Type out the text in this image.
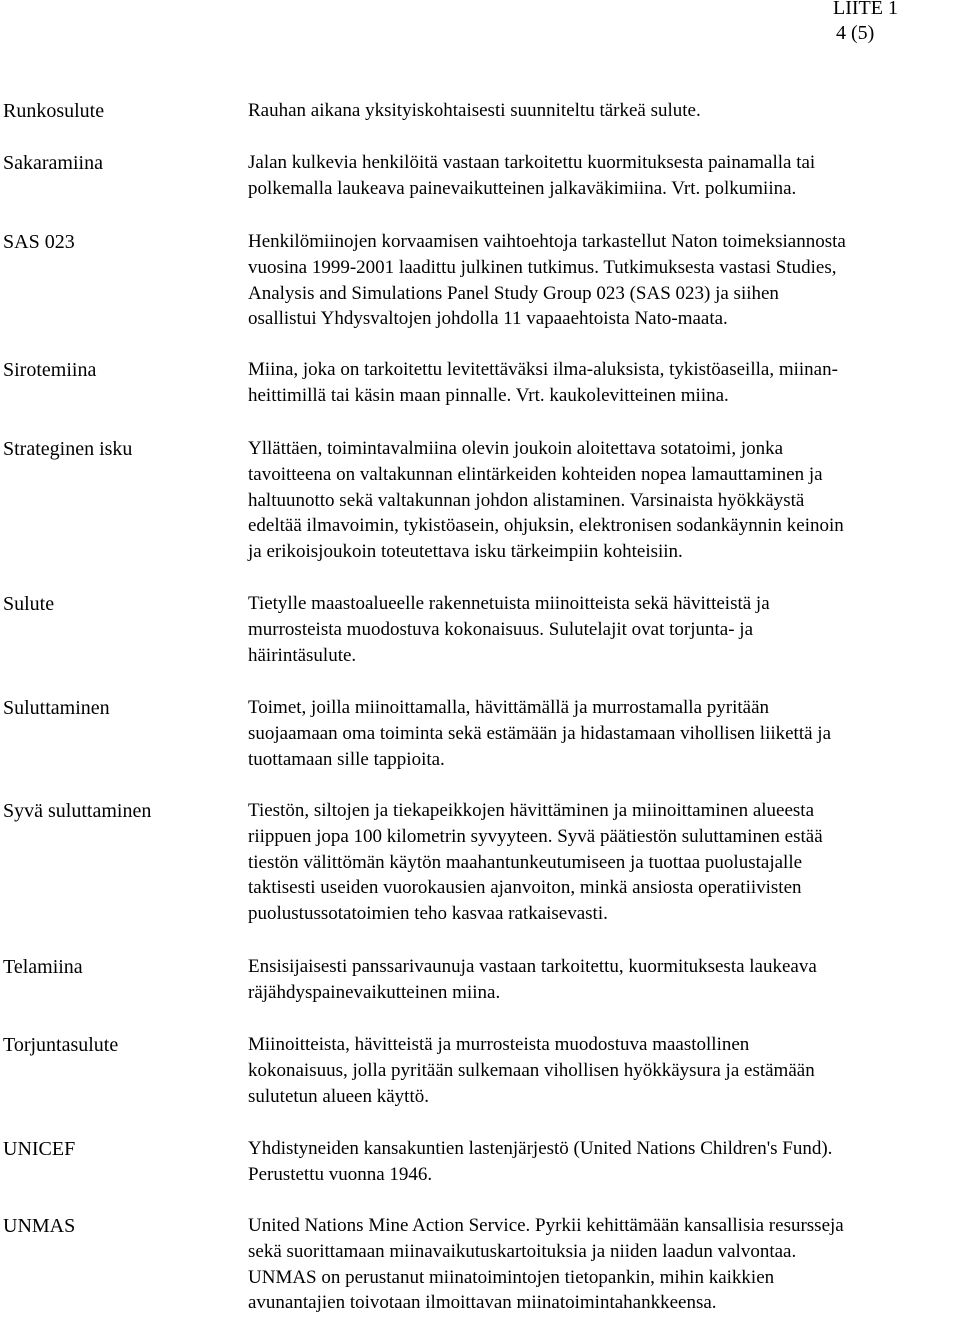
LIITE 1
4 (5)
Runkosulute	Rauhan aikana yksityiskohtaisesti suunniteltu tärkeä sulute.
Sakaramiina	Jalan kulkevia henkilöitä vastaan tarkoitettu kuormituksesta painamalla tai
polkemalla laukeava painevaikutteinen jalkaväkimiina. Vrt. polkumiina.
SAS 023	Henkilömiinojen korvaamisen vaihtoehtoja tarkastellut Naton toimeksiannosta
vuosina 1999-2001 laadittu julkinen tutkimus. Tutkimuksesta vastasi Studies,
Analysis and Simulations Panel Study Group 023 (SAS 023) ja siihen
osallistui Yhdysvaltojen johdolla 11 vapaaehtoista Nato-maata.
Sirotemiina	Miina, joka on tarkoitettu levitettäväksi ilma-aluksista, tykistöaseilla, miinan-
heittimillä tai käsin maan pinnalle. Vrt. kaukolevitteinen miina.
Strateginen isku	Yllättäen, toimintavalmiina olevin joukoin aloitettava sotatoimi, jonka
tavoitteena on valtakunnan elintärkeiden kohteiden nopea lamauttaminen ja
haltuunotto sekä valtakunnan johdon alistaminen. Varsinaista hyökkäystä
edeltää ilmavoimin, tykistöasein, ohjuksin, elektronisen sodankäynnin keinoin
ja erikoisjoukoin toteutettava isku tärkeimpiin kohteisiin.
Sulute	Tietylle maastoalueelle rakennetuista miinoitteista sekä hävitteistä ja
murrosteista muodostuva kokonaisuus. Sulutelajit ovat torjunta- ja
häirintäsulute.
Suluttaminen	Toimet, joilla miinoittamalla, hävittämällä ja murrostamalla pyritään
suojaamaan oma toiminta sekä estämään ja hidastamaan vihollisen liikettä ja
tuottamaan sille tappioita.
Syvä suluttaminen	Tiestön, siltojen ja tiekapeikkojen hävittäminen ja miinoittaminen alueesta
riippuen jopa 100 kilometrin syvyyteen. Syvä päätiestön suluttaminen estää
tiestön välittömän käytön maahantunkeutumiseen ja tuottaa puolustajalle
taktisesti useiden vuorokausien ajanvoiton, minkä ansiosta operatiivisten
puolustussotatoimien teho kasvaa ratkaisevasti.
Telamiina	Ensisijaisesti panssarivaunuja vastaan tarkoitettu, kuormituksesta laukeava
räjähdyspainevaikutteinen miina.
Torjuntasulute	Miinoitteista, hävitteistä ja murrosteista muodostuva maastollinen
kokonaisuus, jolla pyritään sulkemaan vihollisen hyökkäysura ja estämään
sulutetun alueen käyttö.
UNICEF	Yhdistyneiden kansakuntien lastenjärjestö (United Nations Children's Fund).
Perustettu vuonna 1946.
UNMAS	United Nations Mine Action Service. Pyrkii kehittämään kansallisia resursseja
sekä suorittamaan miinavaikutuskartoituksia ja niiden laadun valvontaa.
UNMAS on perustanut miinatoimintojen tietopankin, mihin kaikkien
avunantajien toivotaan ilmoittavan miinatoimintahankkeensa.
